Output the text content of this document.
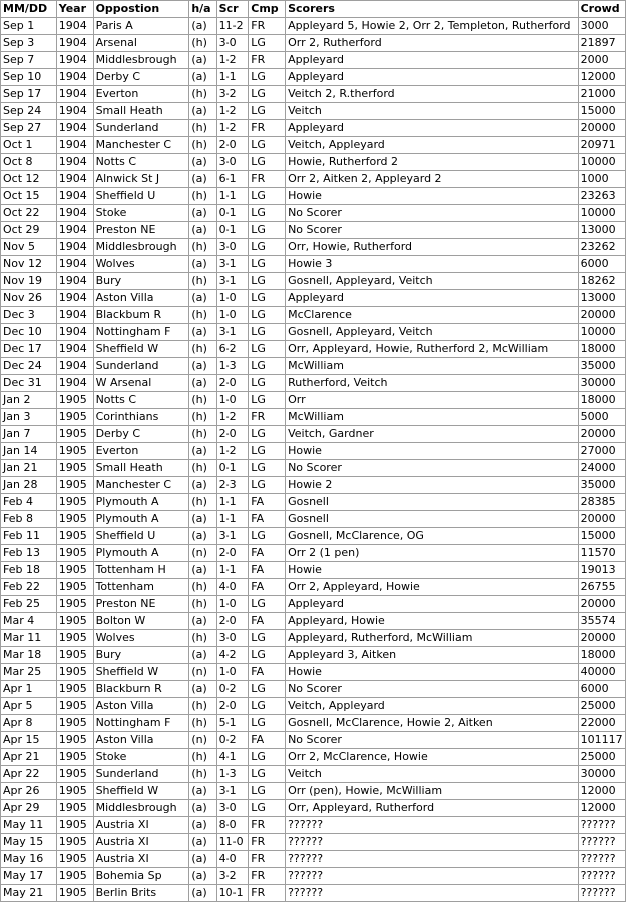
MM/DD	Year	Oppostion	h/a	Scr	Cmp	Scorers	Crowd
Sep 1	1904	Paris A	(a)	11-2	FR	Appleyard 5, Howie 2, Orr 2, Templeton, Rutherford	3000
Sep 3	1904	Arsenal	(h)	3-0	LG	Orr 2, Rutherford	21897
Sep 7	1904	Middlesbrough	(a)	1-2	FR	Appleyard	2000
Sep 10	1904	Derby C	(a)	1-1	LG	Appleyard	12000
Sep 17	1904	Everton	(h)	3-2	LG	Veitch 2, R.therford	21000
Sep 24	1904	Small Heath	(a)	1-2	LG	Veitch	15000
Sep 27	1904	Sunderland	(h)	1-2	FR	Appleyard	20000
Oct 1	1904	Manchester C	(h)	2-0	LG	Veitch, Appleyard	20971
Oct 8	1904	Notts C	(a)	3-0	LG	Howie, Rutherford 2	10000
Oct 12	1904	Alnwick St J	(a)	6-1	FR	Orr 2, Aitken 2, Appleyard 2	1000
Oct 15	1904	Sheffield U	(h)	1-1	LG	Howie	23263
Oct 22	1904	Stoke	(a)	0-1	LG	No Scorer	10000
Oct 29	1904	Preston NE	(a)	0-1	LG	No Scorer	13000
Nov 5	1904	Middlesbrough	(h)	3-0	LG	Orr, Howie, Rutherford	23262
Nov 12	1904	Wolves	(a)	3-1	LG	Howie 3	6000
Nov 19	1904	Bury	(h)	3-1	LG	Gosnell, Appleyard, Veitch	18262
Nov 26	1904	Aston Villa	(a)	1-0	LG	Appleyard	13000
Dec 3	1904	Blackbum R	(h)	1-0	LG	McClarence	20000
Dec 10	1904	Nottingham F	(a)	3-1	LG	Gosnell, Appleyard, Veitch	10000
Dec 17	1904	Sheffield W	(h)	6-2	LG	Orr, Appleyard, Howie, Rutherford 2, McWilliam	18000
Dec 24	1904	Sunderland	(a)	1-3	LG	McWilliam	35000
Dec 31	1904	W Arsenal	(a)	2-0	LG	Rutherford, Veitch	30000
Jan 2	1905	Notts C	(h)	1-0	LG	Orr	18000
Jan 3	1905	Corinthians	(h)	1-2	FR	McWilliam	5000
Jan 7	1905	Derby C	(h)	2-0	LG	Veitch, Gardner	20000
Jan 14	1905	Everton	(a)	1-2	LG	Howie	27000
Jan 21	1905	Small Heath	(h)	0-1	LG	No Scorer	24000
Jan 28	1905	Manchester C	(a)	2-3	LG	Howie 2	35000
Feb 4	1905	Plymouth A	(h)	1-1	FA	Gosnell	28385
Feb 8	1905	Plymouth A	(a)	1-1	FA	Gosnell	20000
Feb 11	1905	Sheffield U	(a)	3-1	LG	Gosnell, McClarence, OG	15000
Feb 13	1905	Plymouth A	(n)	2-0	FA	Orr 2 (1 pen)	11570
Feb 18	1905	Tottenham H	(a)	1-1	FA	Howie	19013
Feb 22	1905	Tottenham	(h)	4-0	FA	Orr 2, Appleyard, Howie	26755
Feb 25	1905	Preston NE	(h)	1-0	LG	Appleyard	20000
Mar 4	1905	Bolton W	(a)	2-0	FA	Appleyard, Howie	35574
Mar 11	1905	Wolves	(h)	3-0	LG	Appleyard, Rutherford, McWilliam	20000
Mar 18	1905	Bury	(a)	4-2	LG	Appleyard 3, Aitken	18000
Mar 25	1905	Sheffield W	(n)	1-0	FA	Howie	40000
Apr 1	1905	Blackburn R	(a)	0-2	LG	No Scorer	6000
Apr 5	1905	Aston Villa	(h)	2-0	LG	Veitch, Appleyard	25000
Apr 8	1905	Nottingham F	(h)	5-1	LG	Gosnell, McClarence, Howie 2, Aitken	22000
Apr 15	1905	Aston Villa	(n)	0-2	FA	No Scorer	101117
Apr 21	1905	Stoke	(h)	4-1	LG	Orr 2, McClarence, Howie	25000
Apr 22	1905	Sunderland	(h)	1-3	LG	Veitch	30000
Apr 26	1905	Sheffield W	(a)	3-1	LG	Orr (pen), Howie, McWilliam	12000
Apr 29	1905	Middlesbrough	(a)	3-0	LG	Orr, Appleyard, Rutherford	12000
May 11	1905	Austria XI	(a)	8-0	FR	??????	??????
May 15	1905	Austria XI	(a)	11-0	FR	??????	??????
May 16	1905	Austria XI	(a)	4-0	FR	??????	??????
May 17	1905	Bohemia Sp	(a)	3-2	FR	??????	??????
May 21	1905	Berlin Brits	(a)	10-1	FR	??????	??????
